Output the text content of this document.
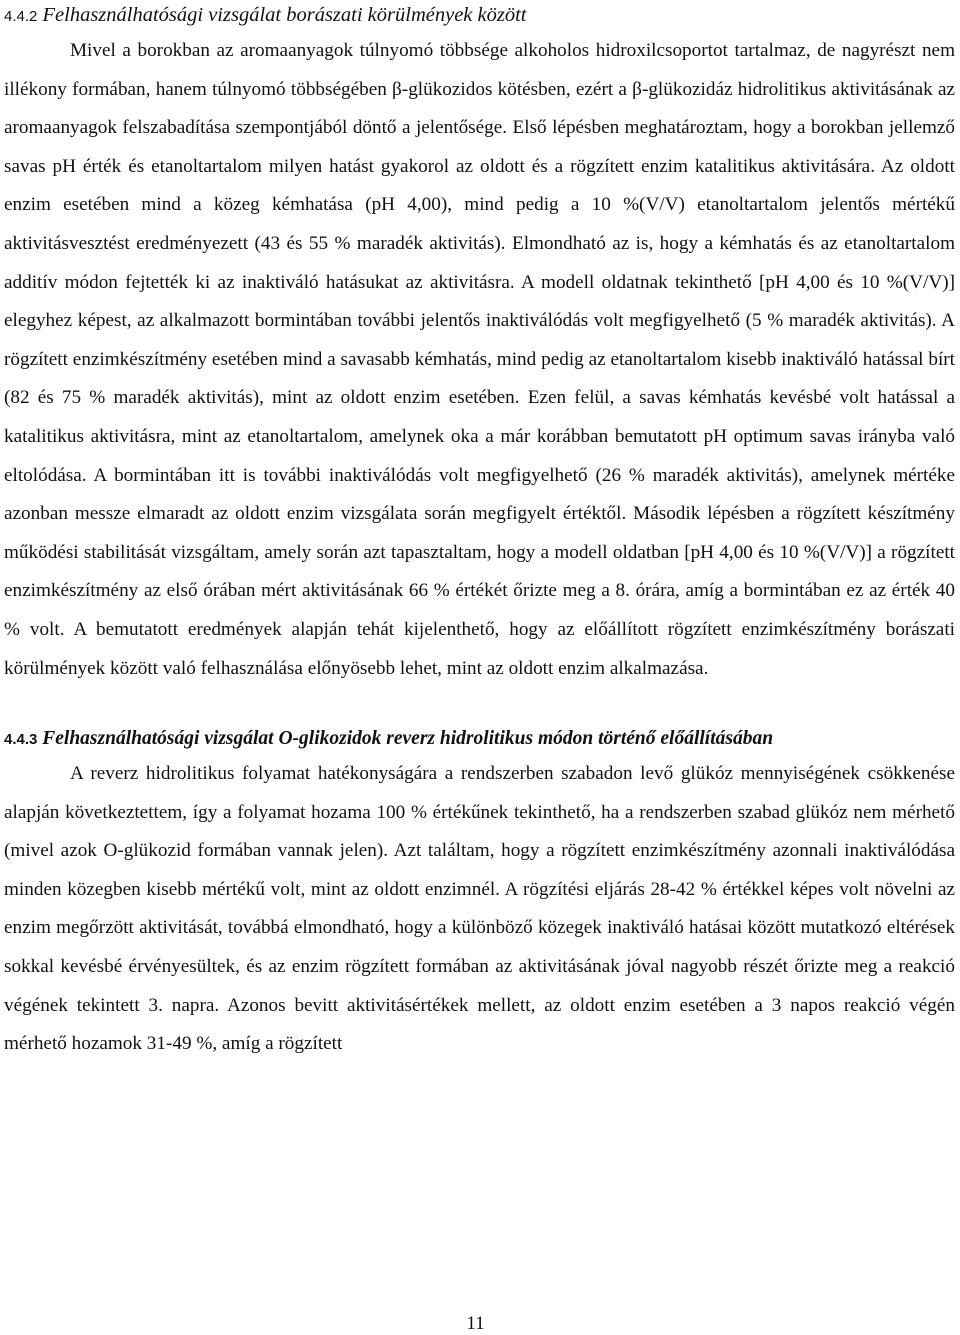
4.4.2 Felhasználhatósági vizsgálat borászati körülmények között

Mivel a borokban az aromaanyagok túlnyomó többsége alkoholos hidroxilcsoportot tartalmaz, de nagyrészt nem illékony formában, hanem túlnyomó többségében β-glükozidos kötésben, ezért a β-glükozidáz hidrolitikus aktivitásának az aromaanyagok felszabadítása szempontjából döntő a jelentősége. Első lépésben meghatároztam, hogy a borokban jellemző savas pH érték és etanoltartalom milyen hatást gyakorol az oldott és a rögzített enzim katalitikus aktivitására. Az oldott enzim esetében mind a közeg kémhatása (pH 4,00), mind pedig a 10 %(V/V) etanoltartalom jelentős mértékű aktivitásvesztést eredményezett (43 és 55 % maradék aktivitás). Elmondható az is, hogy a kémhatás és az etanoltartalom additív módon fejtették ki az inaktiváló hatásukat az aktivitásra. A modell oldatnak tekinthető [pH 4,00 és 10 %(V/V)] elegyhez képest, az alkalmazott bormintában további jelentős inaktiválódás volt megfigyelhető (5 % maradék aktivitás). A rögzített enzimkészítmény esetében mind a savasabb kémhatás, mind pedig az etanoltartalom kisebb inaktiváló hatással bírt (82 és 75 % maradék aktivitás), mint az oldott enzim esetében. Ezen felül, a savas kémhatás kevésbé volt hatással a katalitikus aktivitásra, mint az etanoltartalom, amelynek oka a már korábban bemutatott pH optimum savas irányba való eltolódása. A bormintában itt is további inaktiválódás volt megfigyelhető (26 % maradék aktivitás), amelynek mértéke azonban messze elmaradt az oldott enzim vizsgálata során megfigyelt értéktől. Második lépésben a rögzített készítmény működési stabilitását vizsgáltam, amely során azt tapasztaltam, hogy a modell oldatban [pH 4,00 és 10 %(V/V)] a rögzített enzimkészítmény az első órában mért aktivitásának 66 % értékét őrizte meg a 8. órára, amíg a bormintában ez az érték 40 % volt. A bemutatott eredmények alapján tehát kijelenthető, hogy az előállított rögzített enzimkészítmény borászati körülmények között való felhasználása előnyösebb lehet, mint az oldott enzim alkalmazása.

4.4.3 Felhasználhatósági vizsgálat O-glikozidok reverz hidrolitikus módon történő előállításában

A reverz hidrolitikus folyamat hatékonyságára a rendszerben szabadon levő glükóz mennyiségének csökkenése alapján következtettem, így a folyamat hozama 100 % értékűnek tekinthető, ha a rendszerben szabad glükóz nem mérhető (mivel azok O-glükozid formában vannak jelen). Azt találtam, hogy a rögzített enzimkészítmény azonnali inaktiválódása minden közegben kisebb mértékű volt, mint az oldott enzimnél. A rögzítési eljárás 28-42 % értékkel képes volt növelni az enzim megőrzött aktivitását, továbbá elmondható, hogy a különböző közegek inaktiváló hatásai között mutatkozó eltérések sokkal kevésbé érvényesültek, és az enzim rögzített formában az aktivitásának jóval nagyobb részét őrizte meg a reakció végének tekintett 3. napra. Azonos bevitt aktivitásértékek mellett, az oldott enzim esetében a 3 napos reakció végén mérhető hozamok 31-49 %, amíg a rögzített

11
